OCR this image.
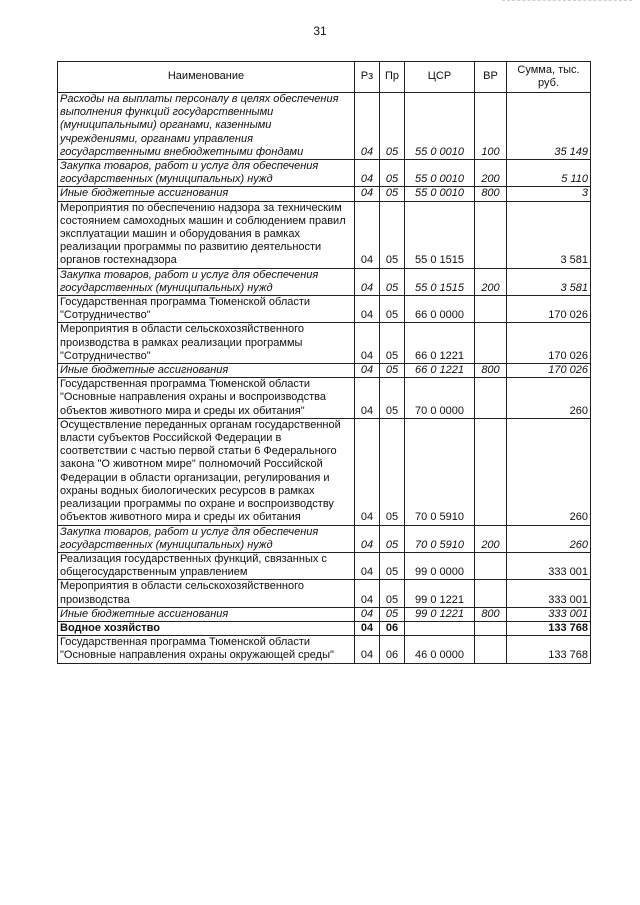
31
Наименование	Рз	Пр	ЦСР	ВР	Сумма, тыс. руб.
Расходы на выплаты персоналу в целях обеспечения выполнения функций государственными (муниципальными) органами, казенными учреждениями, органами управления государственными внебюджетными фондами	04	05	55 0 0010	100	35 149
Закупка товаров, работ и услуг для обеспечения государственных (муниципальных) нужд	04	05	55 0 0010	200	5 110
Иные бюджетные ассигнования	04	05	55 0 0010	800	3
Мероприятия по обеспечению надзора за техническим состоянием самоходных машин и соблюдением правил эксплуатации машин и оборудования в рамках реализации программы по развитию деятельности органов гостехнадзора	04	05	55 0 1515		3 581
Закупка товаров, работ и услуг для обеспечения государственных (муниципальных) нужд	04	05	55 0 1515	200	3 581
Государственная программа Тюменской области "Сотрудничество"	04	05	66 0 0000		170 026
Мероприятия в области сельскохозяйственного производства в рамках реализации программы "Сотрудничество"	04	05	66 0 1221		170 026
Иные бюджетные ассигнования	04	05	66 0 1221	800	170 026
Государственная программа Тюменской области "Основные направления охраны и воспроизводства объектов животного мира и среды их обитания"	04	05	70 0 0000		260
Осуществление переданных органам государственной власти субъектов Российской Федерации в соответствии с частью первой статьи 6 Федерального закона "О животном мире" полномочий Российской Федерации в области организации, регулирования и охраны водных биологических ресурсов в рамках реализации программы по охране и воспроизводству объектов животного мира и среды их обитания	04	05	70 0 5910		260
Закупка товаров, работ и услуг для обеспечения государственных (муниципальных) нужд	04	05	70 0 5910	200	260
Реализация государственных функций, связанных с общегосударственным управлением	04	05	99 0 0000		333 001
Мероприятия в области сельскохозяйственного производства	04	05	99 0 1221		333 001
Иные бюджетные ассигнования	04	05	99 0 1221	800	333 001
Водное хозяйство	04	06			133 768
Государственная программа Тюменской области "Основные направления охраны окружающей среды"	04	06	46 0 0000		133 768
